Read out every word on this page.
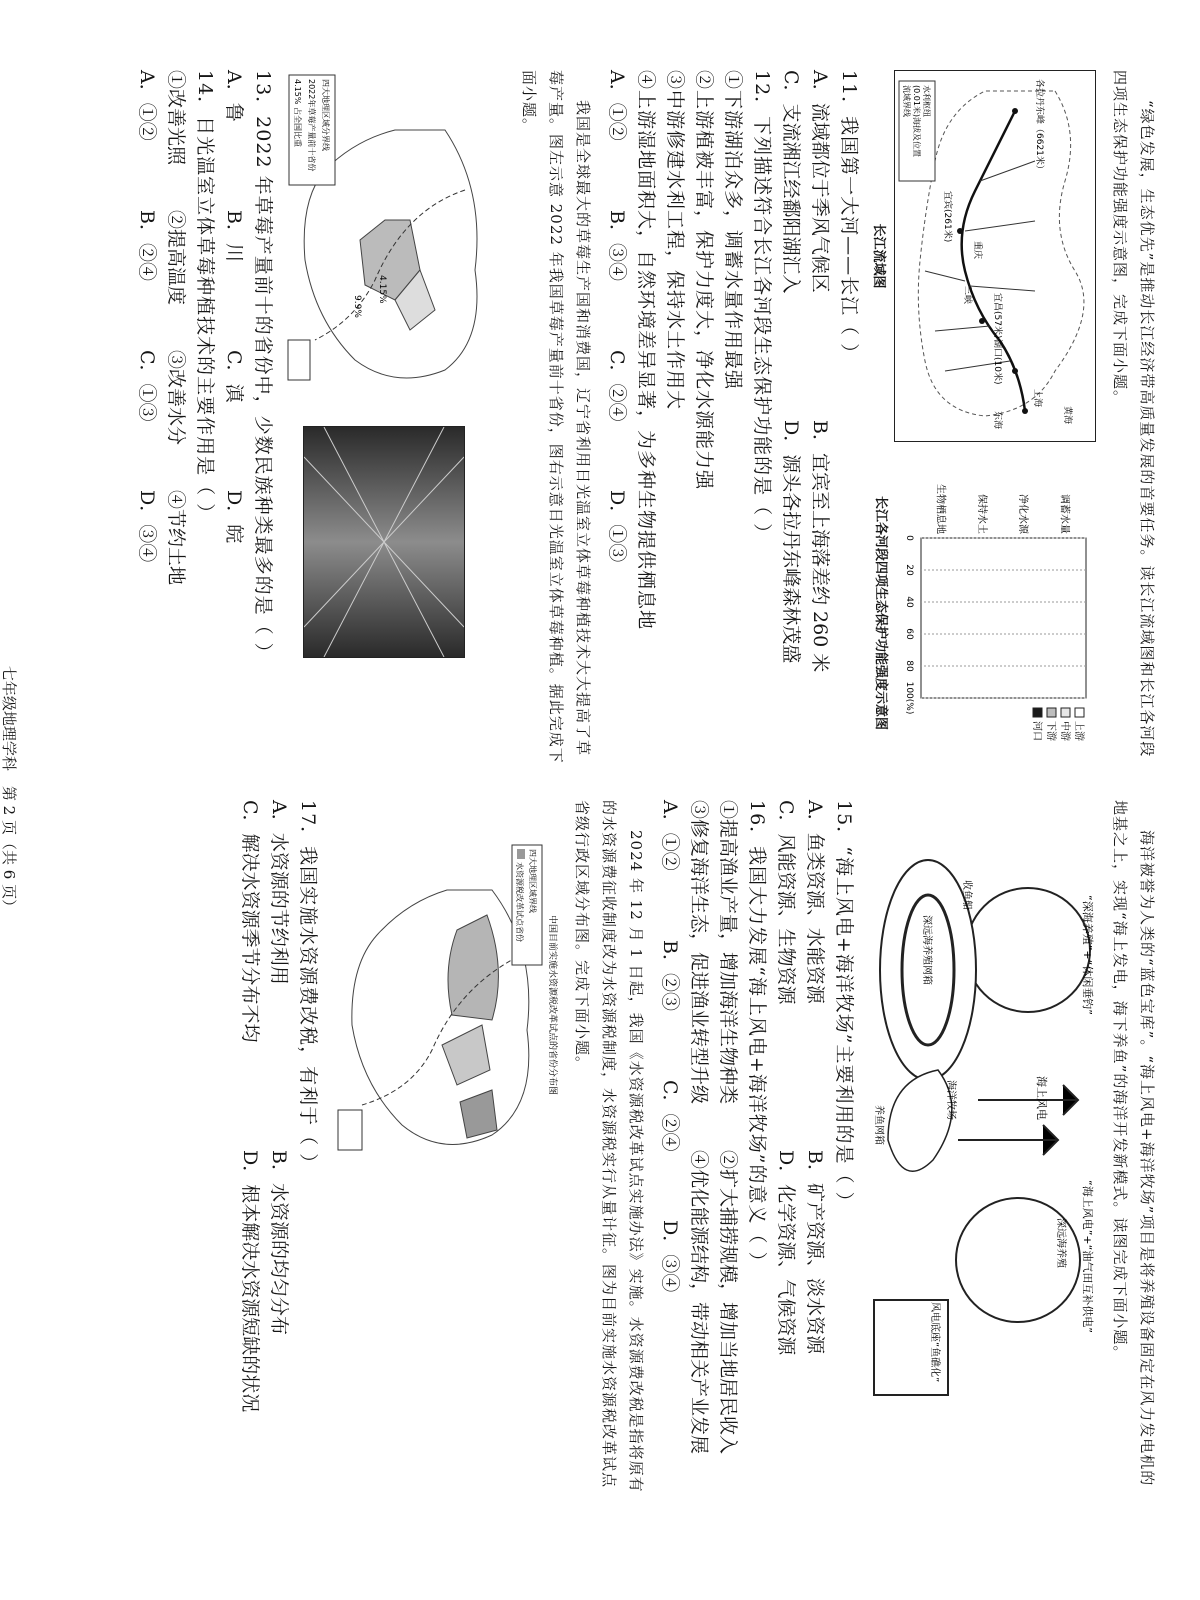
“绿色发展，生态优先”是推动长江经济带高质量发展的首要任务。读长江流域图和长江各河段四项生态保护功能强度示意图，完成下面小题。

各拉丹东峰（6621米）
宜宾(261米)
宜昌(57米)
湖口(10米)
上海
东海	黄海
重庆
三峡
水利枢纽
(0.01米)海拔及位置
流域界线
长江流域图
0
20
40
60
80
100(%)
调蓄水量
净化水源
保持水土
生物栖息地
上游
中游
下游
河口
长江各河段四项生态保护功能强度示意图

11．我国第一大河——长江（ ）

A．流域都位于季风气候区
B．宜宾至上海落差约 260 米
C．支流湘江经鄱阳湖汇入
D．源头各拉丹东峰森林茂盛

12．下列描述符合长江各河段生态保护功能的是（ ）

①下游湖泊众多，调蓄水量作用最强

②上游植被丰富，保护力度大，净化水源能力强

③中游修建水利工程，保持水土作用大

④上游湿地面积大，自然环境差异显著，为多种生物提供栖息地

A．①②
B．③④
C．②④
D．①③

我国是全球最大的草莓生产国和消费国，辽宁省利用日光温室立体草莓种植技术大大提高了草莓产量。图左示意 2022 年我国草莓产量前十省份，图右示意日光温室立体草莓种植。据此完成下面小题。

4.15%
9.9%
四大地理区域分界线
2022年草莓产量前十省份
4.15% 占全国比重

13．2022 年草莓产量前十的省份中，少数民族种类最多的是（ ）

A．鲁
B．川
C．滇
D．皖

14．日光温室立体草莓种植技术的主要作用是（ ）

①改善光照
②提高温度
③改善水分
④节约土地
A．①②
B．②④
C．①③
D．③④

海洋被誉为人类的“蓝色宝库”。“海上风电+海洋牧场”项目是将养殖设备固定在风力发电机的地基之上，实现“海上发电，海下养鱼”的海洋开发新模式。读图完成下面小题。

“深海养殖”+“休闲垂钓”
海上风电
“海上风电”+“油气田互补供电”
深远海养殖网箱
收鱼船
海洋牧场
养鱼网箱
深远海养殖
风电底座“鱼礁化”

15．“海上风电+海洋牧场”主要利用的是（ ）

A．鱼类资源、水能资源
B．矿产资源、淡水资源
C．风能资源、生物资源
D．化学资源、气候资源

16．我国大力发展“海上风电+海洋牧场”的意义（ ）

①提高渔业产量，增加海洋生物种类
②扩大捕捞规模，增加当地居民收入
③修复海洋生态，促进渔业转型升级
④优化能源结构，带动相关产业发展
A．①②
B．②③
C．②④
D．③④

2024 年 12 月 1 日起，我国《水资源税改革试点实施办法》实施。水资源费改税是指将原有的水资源费征收制度改为水资源税制度，水资源税实行从量计征。图为目前实施水资源税改革试点省级行政区域分布图。完成下面小题。

中国目前实施水资源税改革试点的省份分布图
四大地理区域界线
水资源税改革试点省份

17．我国实施水资源费改税，有利于（ ）

A．水资源的节约利用
B．水资源的均匀分布
C．解决水资源季节分布不均
D．根本解决水资源短缺的状况
七年级地理学科　第 2 页（共 6 页）
